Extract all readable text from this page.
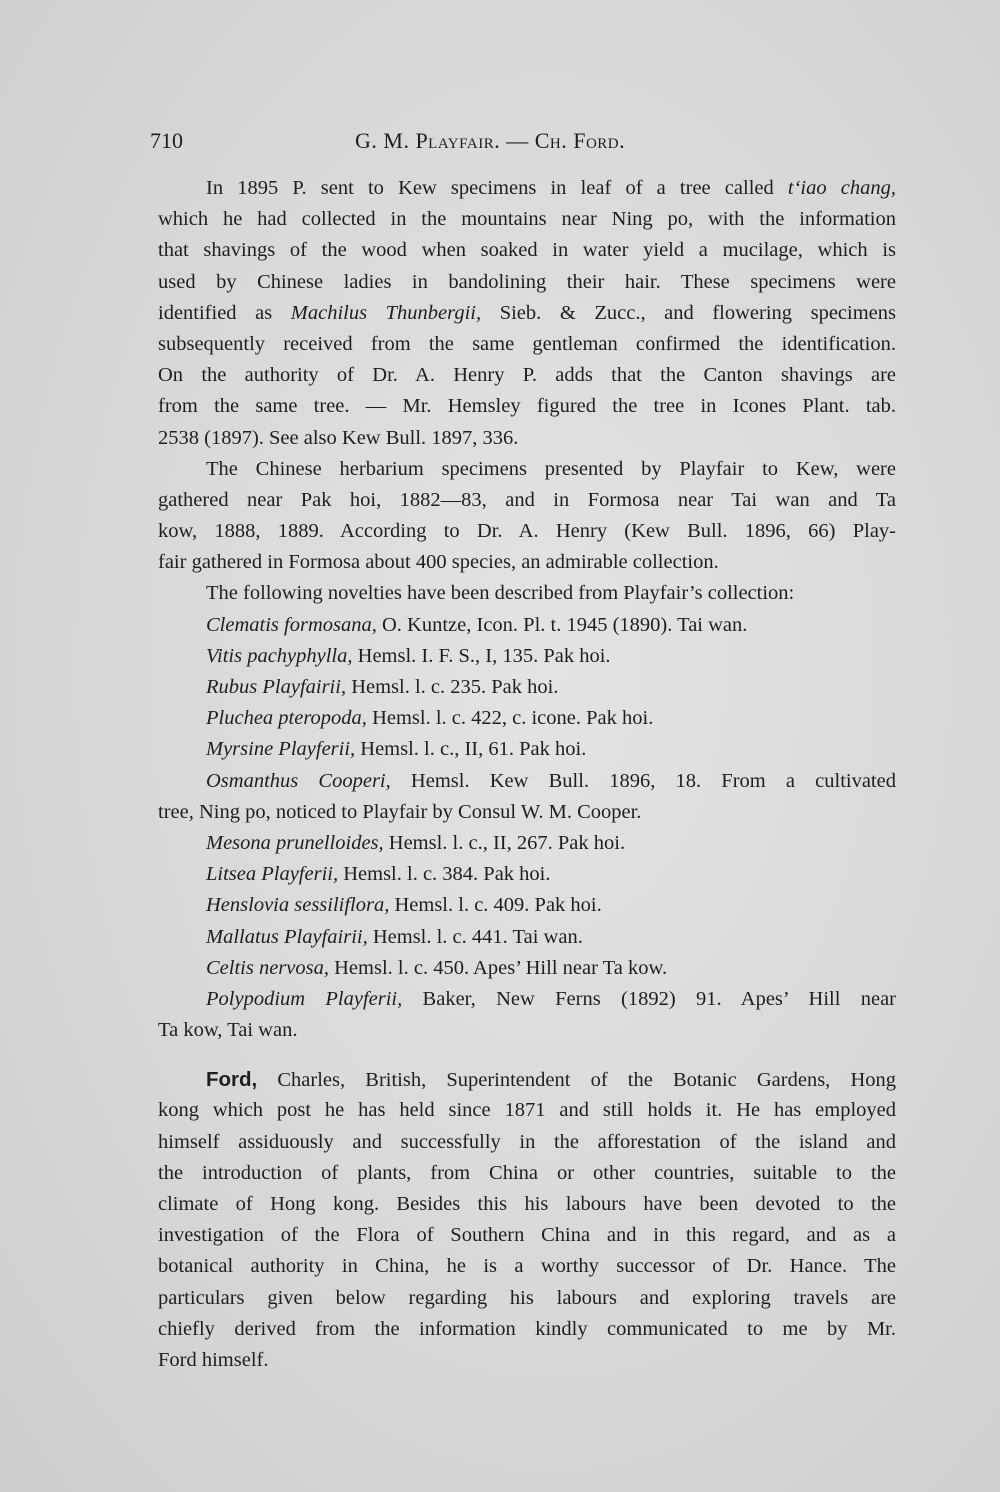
710	G. M. Playfair. — Ch. Ford.
In 1895 P. sent to Kew specimens in leaf of a tree called t‘iao chang,
which he had collected in the mountains near Ning po, with the information
that shavings of the wood when soaked in water yield a mucilage, which is
used by Chinese ladies in bandolining their hair. These specimens were
identified as Machilus Thunbergii, Sieb. & Zucc., and flowering specimens
subsequently received from the same gentleman confirmed the identification.
On the authority of Dr. A. Henry P. adds that the Canton shavings are
from the same tree. — Mr. Hemsley figured the tree in Icones Plant. tab.
2538 (1897). See also Kew Bull. 1897, 336.
The Chinese herbarium specimens presented by Playfair to Kew, were
gathered near Pak hoi, 1882—83, and in Formosa near Tai wan and Ta
kow, 1888, 1889. According to Dr. A. Henry (Kew Bull. 1896, 66) Play-
fair gathered in Formosa about 400 species, an admirable collection.
The following novelties have been described from Playfair’s collection:
Clematis formosana, O. Kuntze, Icon. Pl. t. 1945 (1890). Tai wan.
Vitis pachyphylla, Hemsl. I. F. S., I, 135. Pak hoi.
Rubus Playfairii, Hemsl. l. c. 235. Pak hoi.
Pluchea pteropoda, Hemsl. l. c. 422, c. icone. Pak hoi.
Myrsine Playferii, Hemsl. l. c., II, 61. Pak hoi.
Osmanthus Cooperi, Hemsl. Kew Bull. 1896, 18. From a cultivated
tree, Ning po, noticed to Playfair by Consul W. M. Cooper.
Mesona prunelloides, Hemsl. l. c., II, 267. Pak hoi.
Litsea Playferii, Hemsl. l. c. 384. Pak hoi.
Henslovia sessiliflora, Hemsl. l. c. 409. Pak hoi.
Mallatus Playfairii, Hemsl. l. c. 441. Tai wan.
Celtis nervosa, Hemsl. l. c. 450. Apes’ Hill near Ta kow.
Polypodium Playferii, Baker, New Ferns (1892) 91. Apes’ Hill near
Ta kow, Tai wan.
Ford, Charles, British, Superintendent of the Botanic Gardens, Hong
kong which post he has held since 1871 and still holds it. He has employed
himself assiduously and successfully in the afforestation of the island and
the introduction of plants, from China or other countries, suitable to the
climate of Hong kong. Besides this his labours have been devoted to the
investigation of the Flora of Southern China and in this regard, and as a
botanical authority in China, he is a worthy successor of Dr. Hance. The
particulars given below regarding his labours and exploring travels are
chiefly derived from the information kindly communicated to me by Mr.
Ford himself.
